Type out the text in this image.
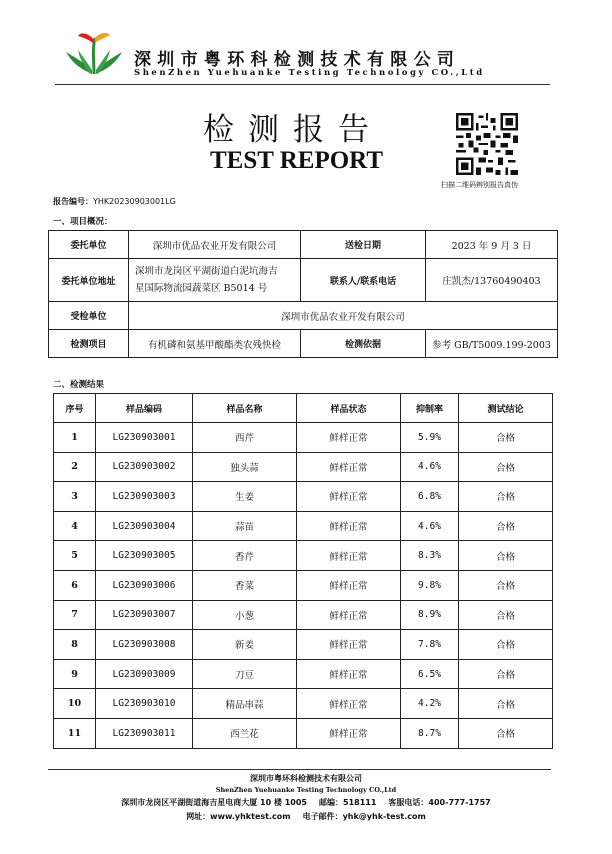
深圳市粤环科检测技术有限公司
ShenZhen Yuehuanke Testing Technology CO.,Ltd
检测报告
TEST REPORT
扫描二维码辨别报告真伪
报告编号：YHK20230903001LG
一、项目概况：
委托单位	深圳市优品农业开发有限公司	送检日期	2023 年 9 月 3 日
委托单位地址	深圳市龙岗区平湖街道白泥坑海吉
星国际物流园蔬菜区 B5014 号	联系人/联系电话	庄凯杰/13760490403
受检单位	深圳市优品农业开发有限公司		
检测项目	有机磷和氨基甲酸酯类农残快检	检测依据	参考 GB/T5009.199-2003
二、检测结果
序号	样品编码	样品名称	样品状态	抑制率	测试结论
1	LG230903001	西芹	鲜样正常	5.9%	合格
2	LG230903002	独头蒜	鲜样正常	4.6%	合格
3	LG230903003	生姜	鲜样正常	6.8%	合格
4	LG230903004	蒜苗	鲜样正常	4.6%	合格
5	LG230903005	香芹	鲜样正常	8.3%	合格
6	LG230903006	香菜	鲜样正常	9.8%	合格
7	LG230903007	小葱	鲜样正常	8.9%	合格
8	LG230903008	新姜	鲜样正常	7.8%	合格
9	LG230903009	刀豆	鲜样正常	6.5%	合格
10	LG230903010	精品串蒜	鲜样正常	4.2%	合格
11	LG230903011	西兰花	鲜样正常	8.7%	合格
深圳市粤环科检测技术有限公司
ShenZhen Yuehuanke Testing Technology CO.,Ltd
深圳市龙岗区平湖街道海吉星电商大厦 10 楼 1005 邮编：518111 客服电话：400-777-1757
网址：www.yhktest.com 电子邮件：yhk@yhk-test.com
